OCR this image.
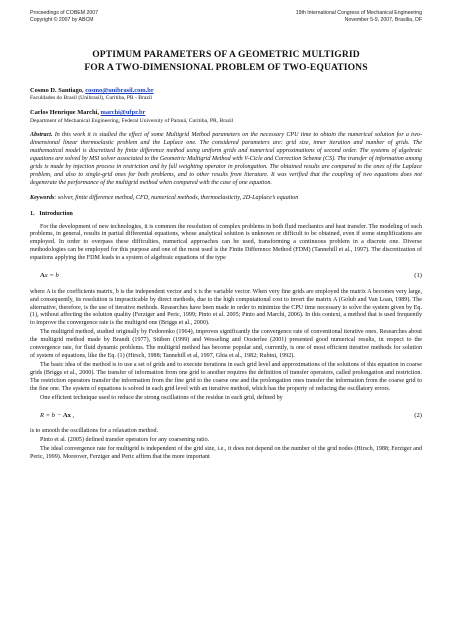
Proceedings of COBEM 2007
Copyright © 2007 by ABCM
19th International Congress of Mechanical Engineering
November 5-9, 2007, Brasília, DF
OPTIMUM PARAMETERS OF A GEOMETRIC MULTIGRID
FOR A TWO-DIMENSIONAL PROBLEM OF TWO-EQUATIONS
Cosmo D. Santiago, cosmo@unibrasil.com.br
Faculdades do Brasil (Unibrasil), Curitiba, PR - Brazil
Carlos Henrique Marchi, marchi@ufpr.br
Department of Mechanical Engineering, Federal University of Paraná, Curitiba, PR, Brazil
Abstract. In this work it is studied the effect of some Multigrid Method parameters on the necessary CPU time to obtain the numerical solution for a two-dimensional linear thermoelastic problem and the Laplace one. The considered parameters are: grid size, inner iteration and number of grids. The mathematical model is discretized by finite difference method using uniform grids and numerical approximations of second order. The systems of algebraic equations are solved by MSI solver associated to the Geometric Multigrid Method with V-Cicle and Correction Scheme (CS). The transfer of information among grids is made by injection process in restriction and by full weighting operator in prolongation. The obtained results are compared to the ones of the Laplace problem, and also to single-grid ones for both problems, and to other results from literature. It was verified that the coupling of two equations does not degenerate the performance of the multigrid method when compared with the case of one equation.
Keywords: solver, finite difference method, CFD, numerical methods, thermoelasticity, 2D-Laplace’s equation
1. Introduction

For the development of new technologies, it is common the resolution of complex problems in both fluid mechanics and heat transfer. The modeling of such problems, in general, results in partial differential equations, whose analytical solution is unknown or difficult to be obtained, even if some simplifications are employed. In order to overpass these difficulties, numerical approaches can be used, transforming a continuous problem in a discrete one. Diverse methodologies can be employed for this purpose and one of the most used is the Finite Difference Method (FDM) (Tannehill et al., 1997). The discretization of equations applying the FDM leads to a system of algebraic equations of the type

Ax = b	(1)

where A is the coefficients matrix, b is the independent vector and x is the variable vector. When very fine grids are employed the matrix A becomes very large, and consequently, its resolution is impracticable by direct methods, due to the high computational cost to invert the matrix A (Golub and Van Loan, 1989). The alternative, therefore, is the use of iterative methods. Researches have been made in order to minimize the CPU time necessary to solve the system given by Eq. (1), without affecting the solution quality (Ferziger and Peric, 1999; Pinto et al. 2005; Pinto and Marchi, 2006). In this context, a method that is used frequently to improve the convergence rate is the multigrid one (Briggs et al., 2000).

The multigrid method, studied originally by Fedorenko (1964), improves significantly the convergence rate of conventional iterative ones. Researches about the multigrid method made by Brandt (1977), Stüben (1999) and Wesseling and Oosterlee (2001) presented good numerical results, in respect to the convergence rate, for fluid dynamic problems. The multigrid method has become popular and, currently, is one of most efficient iterative methods for solution of system of equations, like the Eq. (1) (Hirsch, 1988; Tannehill et al, 1997, Ghia et al., 1982; Rubini, 1992).

The basic idea of the method is to use a set of grids and to execute iterations in each grid level and approximations of the solutions of this equation in coarse grids (Briggs et al., 2000). The transfer of information from one grid to another requires the definition of transfer operators, called prolongation and restriction. The restriction operators transfer the information from the fine grid to the coarse one and the prolongation ones transfer the information from the coarse grid to the fine one. The system of equations is solved in each grid level with an iterative method, which has the property of reducing the oscillatory errors.

One efficient technique used to reduce the strong oscillations of the residue in each grid, defined by

R = b − Ax ,	(2)

is to smooth the oscillations for a relaxation method.

Pinto et al. (2005) defined transfer operators for any coarsening ratio.

The ideal convergence rate for multigrid is independent of the grid size, i.e., it does not depend on the number of the grid nodes (Hirsch, 1988; Ferziger and Peric, 1999). Moreover, Ferziger and Peric affirm that the more important
